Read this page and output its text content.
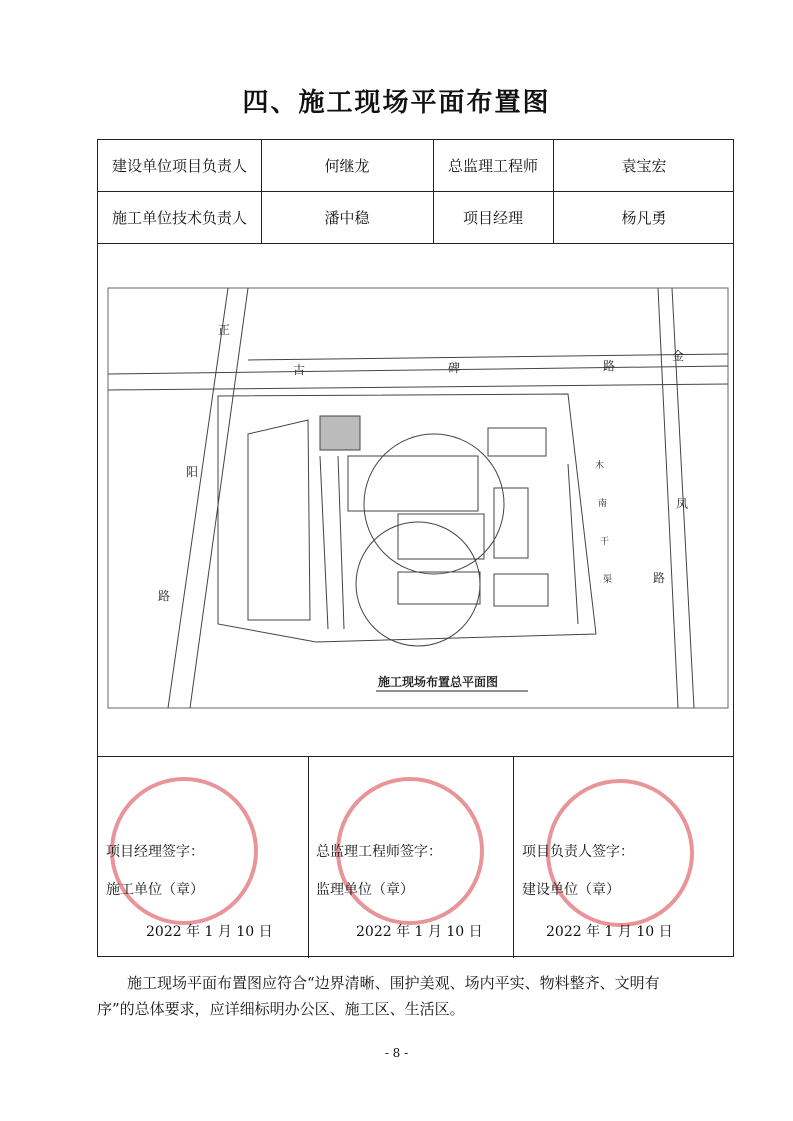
四、施工现场平面布置图
建设单位项目负责人	何继龙	总监理工程师	袁宝宏
施工单位技术负责人	潘中稳	项目经理	杨凡勇
古	碑	路
正
阳
路
金
凤
路
木
南
干
渠
施工现场布置总平面图
项目经理签字：
施工单位（章）
2022 年 1 月 10 日
总监理工程师签字：
监理单位（章）
2022 年 1 月 10 日
项目负责人签字：
建设单位（章）
2022 年 1 月 10 日
施工现场平面布置图应符合“边界清晰、围护美观、场内平实、物料整齐、文明有
序”的总体要求，应详细标明办公区、施工区、生活区。
- 8 -
